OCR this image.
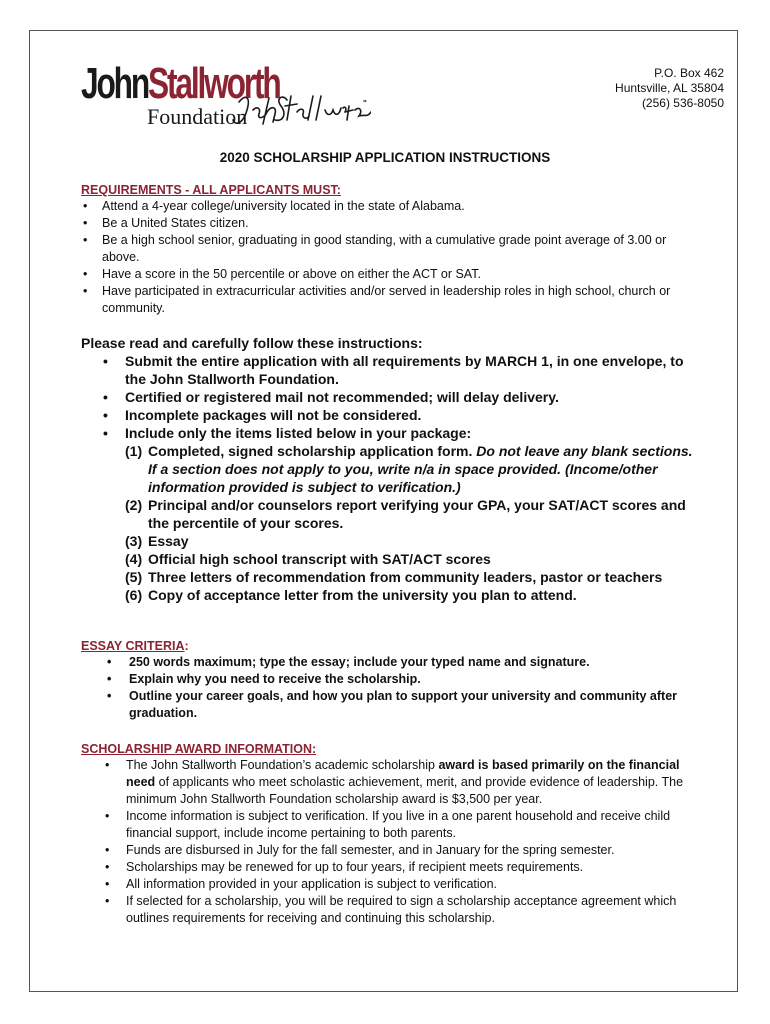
JohnStallworth
Foundation
"
P.O. Box 462
Huntsville, AL 35804
(256) 536-8050
2020 SCHOLARSHIP APPLICATION INSTRUCTIONS
REQUIREMENTS - ALL APPLICANTS MUST:
• Attend a 4-year college/university located in the state of Alabama.
• Be a United States citizen.
• Be a high school senior, graduating in good standing, with a cumulative grade point average of 3.00 or above.
• Have a score in the 50 percentile or above on either the ACT or SAT.
• Have participated in extracurricular activities and/or served in leadership roles in high school, church or community.
Please read and carefully follow these instructions:
• Submit the entire application with all requirements by MARCH 1, in one envelope, to the John Stallworth Foundation.
• Certified or registered mail not recommended; will delay delivery.
• Incomplete packages will not be considered.
• Include only the items listed below in your package:
(1) Completed, signed scholarship application form. Do not leave any blank sections. If a section does not apply to you, write n/a in space provided. (Income/other information provided is subject to verification.)
(2) Principal and/or counselors report verifying your GPA, your SAT/ACT scores and the percentile of your scores.
(3) Essay
(4) Official high school transcript with SAT/ACT scores
(5) Three letters of recommendation from community leaders, pastor or teachers
(6) Copy of acceptance letter from the university you plan to attend.
ESSAY CRITERIA:
• 250 words maximum; type the essay; include your typed name and signature.
• Explain why you need to receive the scholarship.
• Outline your career goals, and how you plan to support your university and community after graduation.
SCHOLARSHIP AWARD INFORMATION:
• The John Stallworth Foundation’s academic scholarship award is based primarily on the financial need of applicants who meet scholastic achievement, merit, and provide evidence of leadership. The minimum John Stallworth Foundation scholarship award is $3,500 per year.
• Income information is subject to verification. If you live in a one parent household and receive child financial support, include income pertaining to both parents.
• Funds are disbursed in July for the fall semester, and in January for the spring semester.
• Scholarships may be renewed for up to four years, if recipient meets requirements.
• All information provided in your application is subject to verification.
• If selected for a scholarship, you will be required to sign a scholarship acceptance agreement which outlines requirements for receiving and continuing this scholarship.
